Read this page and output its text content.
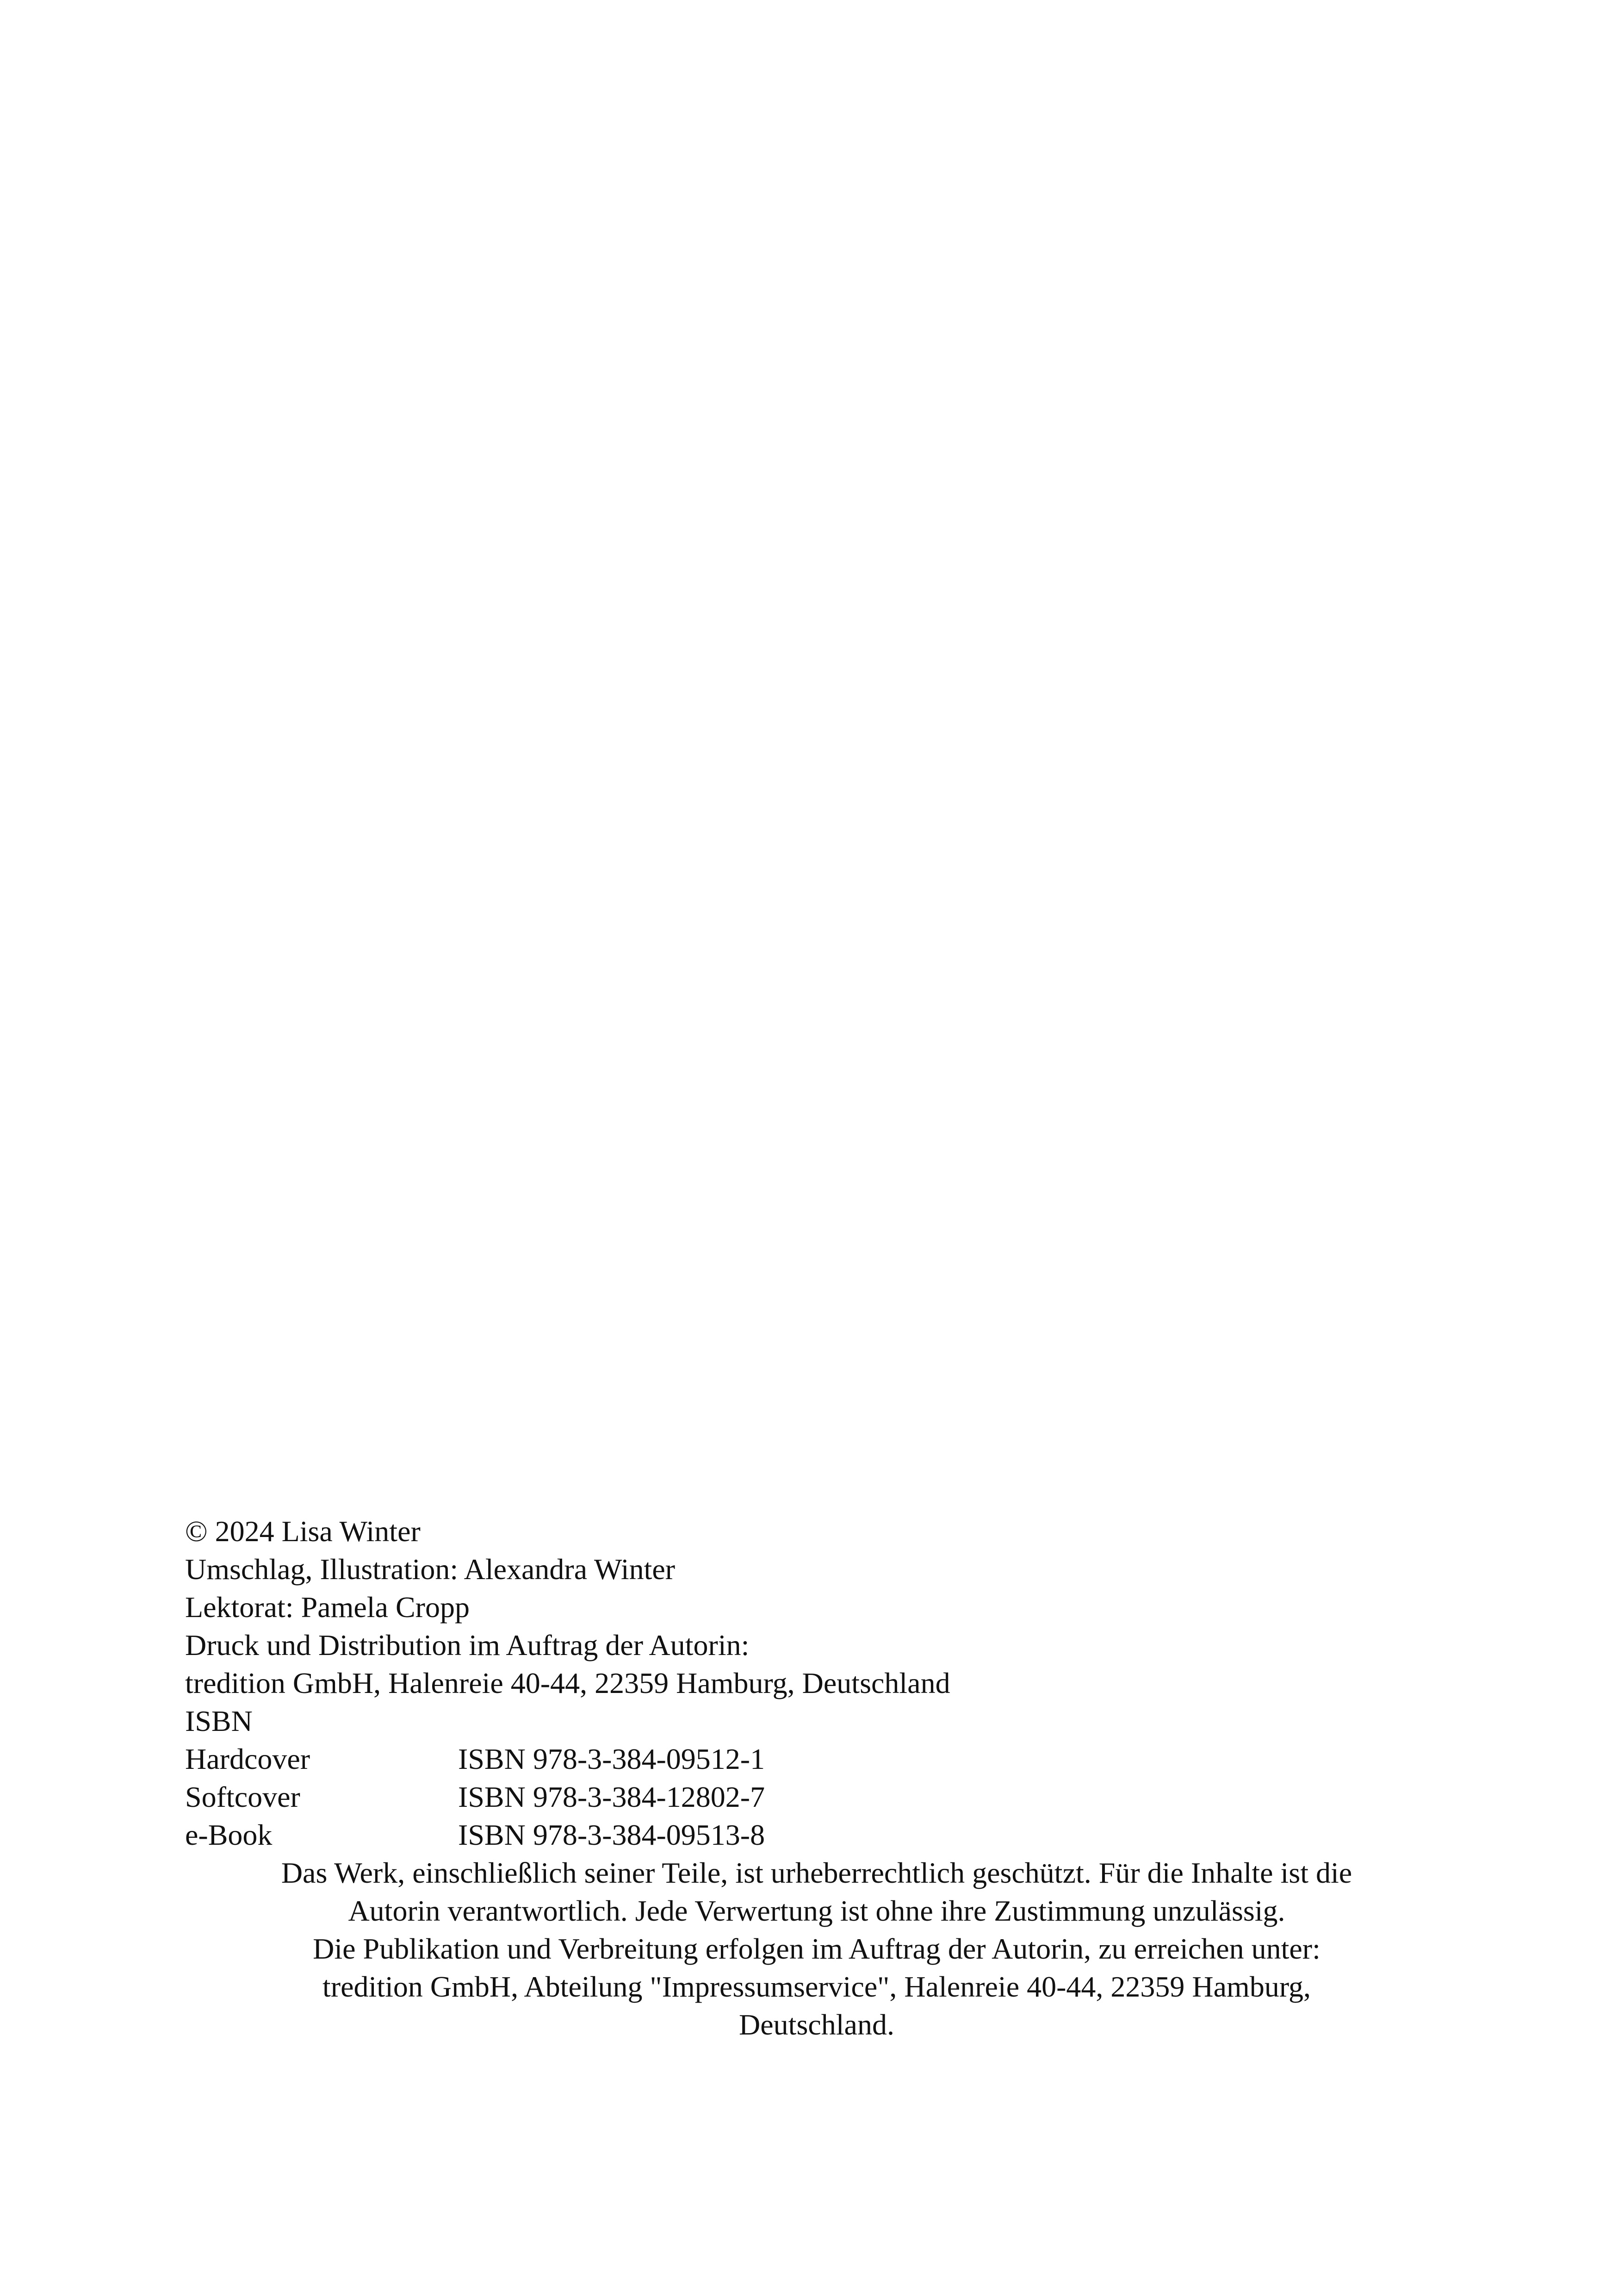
© 2024 Lisa Winter
Umschlag, Illustration: Alexandra Winter
Lektorat: Pamela Cropp
Druck und Distribution im Auftrag der Autorin:
tredition GmbH, Halenreie 40-44, 22359 Hamburg, Deutschland
ISBN
Hardcover	ISBN 978-3-384-09512-1
Softcover	ISBN 978-3-384-12802-7
e-Book	ISBN 978-3-384-09513-8
Das Werk, einschließlich seiner Teile, ist urheberrechtlich geschützt. Für die Inhalte ist die
Autorin verantwortlich. Jede Verwertung ist ohne ihre Zustimmung unzulässig.
Die Publikation und Verbreitung erfolgen im Auftrag der Autorin, zu erreichen unter:
tredition GmbH, Abteilung "Impressumservice", Halenreie 40-44, 22359 Hamburg,
Deutschland.
